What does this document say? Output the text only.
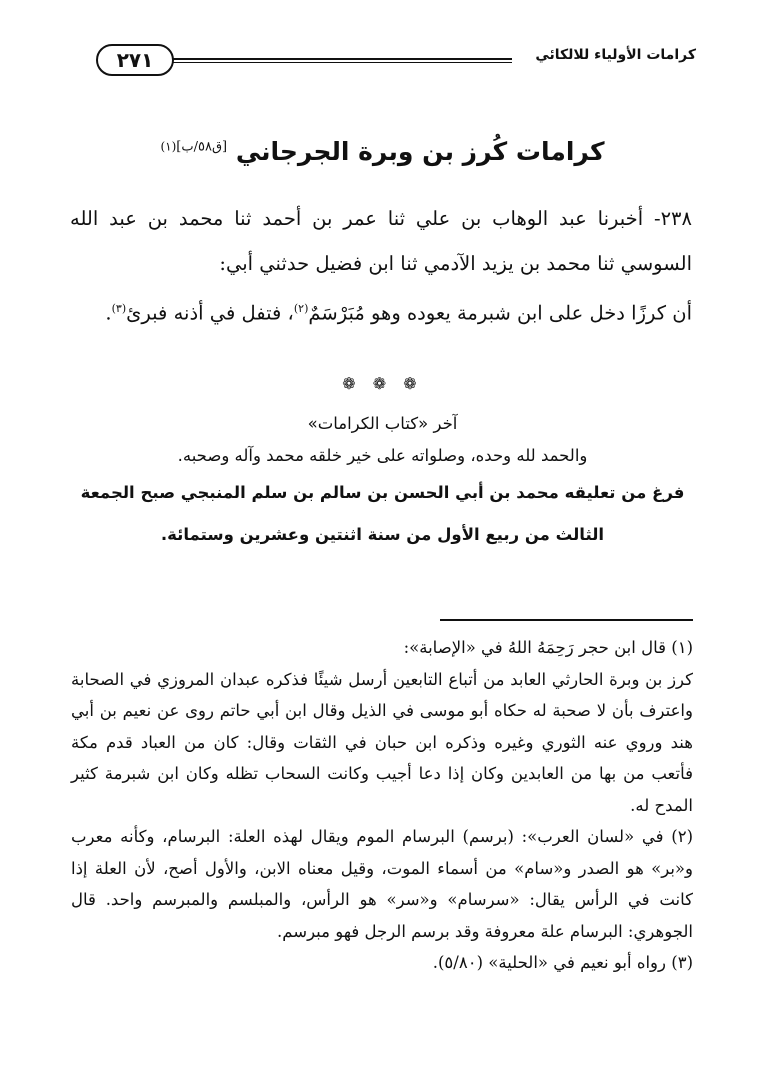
٢٧١	كرامات الأولياء للالكائي
كرامات كُرز بن وبرة الجرجاني $^{[ق٥٨/ب](١)}$

٢٣٨- أخبرنا عبد الوهاب بن علي ثنا عمر بن أحمد ثنا محمد بن عبد الله السوسي ثنا محمد بن يزيد الآدمي ثنا ابن فضيل حدثني أبي:

أن كرزًا دخل على ابن شبرمة يعوده وهو مُبَرْسَمٌ$^{(٢)}$، فتفل في أذنه فبرئ$^{(٣)}$.

❁ ❁ ❁
آخر «كتاب الكرامات»
والحمد لله وحده، وصلواته على خير خلقه محمد وآله وصحبه.
فرغ من تعليقه محمد بن أبي الحسن بن سالم بن سلم المنبجي صبح الجمعة
الثالث من ربيع الأول من سنة اثنتين وعشرين وستمائة.

(١) قال ابن حجر رَحِمَهُ اللهُ في «الإصابة»:

كرز بن وبرة الحارثي العابد من أتباع التابعين أرسل شيئًا فذكره عبدان المروزي في الصحابة واعترف بأن لا صحبة له حكاه أبو موسى في الذيل وقال ابن أبي حاتم روى عن نعيم بن أبي هند وروي عنه الثوري وغيره وذكره ابن حبان في الثقات وقال: كان من العباد قدم مكة فأتعب من بها من العابدين وكان إذا دعا أجيب وكانت السحاب تظله وكان ابن شبرمة كثير المدح له.

(٢) في «لسان العرب»: (برسم) البرسام الموم ويقال لهذه العلة: البرسام، وكأنه معرب و«بر» هو الصدر و«سام» من أسماء الموت، وقيل معناه الابن، والأول أصح، لأن العلة إذا كانت في الرأس يقال: «سرسام» و«سر» هو الرأس، والمبلسم والمبرسم واحد. قال الجوهري: البرسام علة معروفة وقد برسم الرجل فهو مبرسم.

(٣) رواه أبو نعيم في «الحلية» (٥/٨٠).
